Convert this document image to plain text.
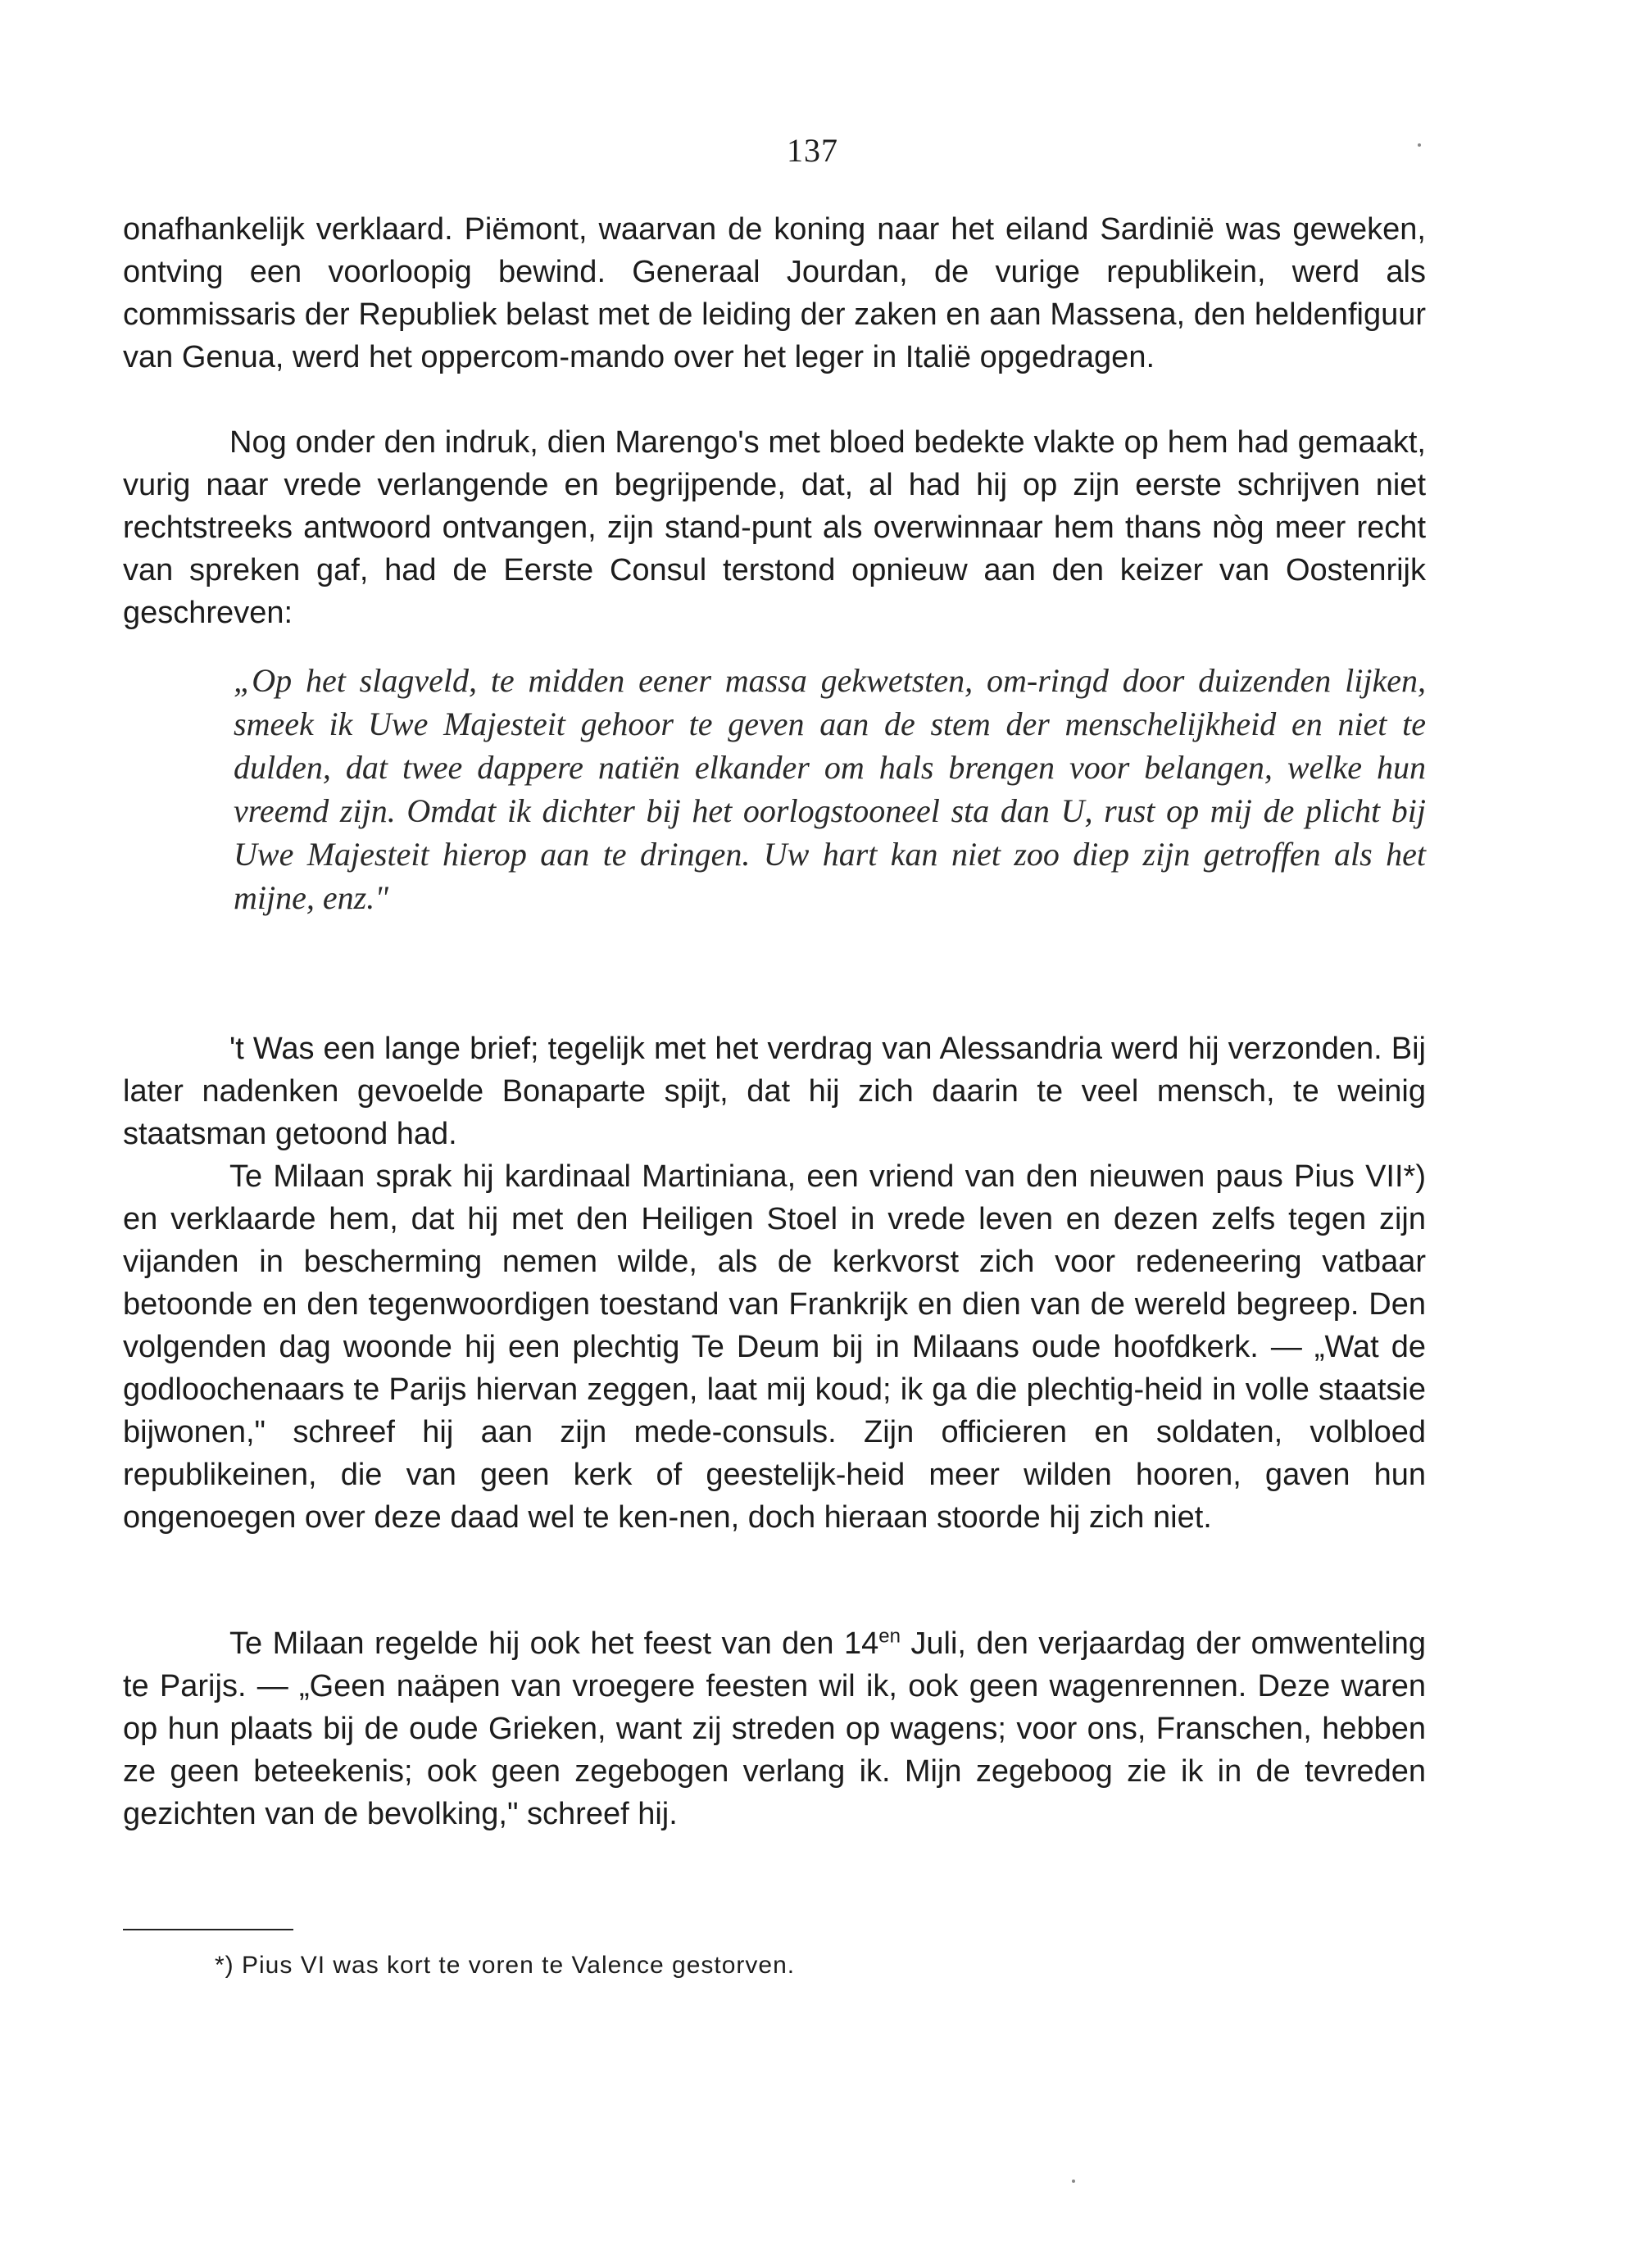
137

onafhankelijk verklaard. Piëmont, waarvan de koning naar het eiland Sardinië was geweken, ontving een voorloopig bewind. Generaal Jourdan, de vurige republikein, werd als commissaris der Republiek belast met de leiding der zaken en aan Massena, den heldenfiguur van Genua, werd het oppercom-mando over het leger in Italië opgedragen.

Nog onder den indruk, dien Marengo's met bloed bedekte vlakte op hem had gemaakt, vurig naar vrede verlangende en begrijpende, dat, al had hij op zijn eerste schrijven niet rechtstreeks antwoord ontvangen, zijn stand-punt als overwinnaar hem thans nòg meer recht van spreken gaf, had de Eerste Consul terstond opnieuw aan den keizer van Oostenrijk geschreven:

„Op het slagveld, te midden eener massa gekwetsten, om-ringd door duizenden lijken, smeek ik Uwe Majesteit gehoor te geven aan de stem der menschelijkheid en niet te dulden, dat twee dappere natiën elkander om hals brengen voor belangen, welke hun vreemd zijn. Omdat ik dichter bij het oorlogstooneel sta dan U, rust op mij de plicht bij Uwe Majesteit hierop aan te dringen. Uw hart kan niet zoo diep zijn getroffen als het mijne, enz."

't Was een lange brief; tegelijk met het verdrag van Alessandria werd hij verzonden. Bij later nadenken gevoelde Bonaparte spijt, dat hij zich daarin te veel mensch, te weinig staatsman getoond had.

Te Milaan sprak hij kardinaal Martiniana, een vriend van den nieuwen paus Pius VII*) en verklaarde hem, dat hij met den Heiligen Stoel in vrede leven en dezen zelfs tegen zijn vijanden in bescherming nemen wilde, als de kerkvorst zich voor redeneering vatbaar betoonde en den tegenwoordigen toestand van Frankrijk en dien van de wereld begreep. Den volgenden dag woonde hij een plechtig Te Deum bij in Milaans oude hoofdkerk. — „Wat de godloochenaars te Parijs hiervan zeggen, laat mij koud; ik ga die plechtig-heid in volle staatsie bijwonen," schreef hij aan zijn mede-consuls. Zijn officieren en soldaten, volbloed republikeinen, die van geen kerk of geestelijk-heid meer wilden hooren, gaven hun ongenoegen over deze daad wel te ken-nen, doch hieraan stoorde hij zich niet.

Te Milaan regelde hij ook het feest van den $14^{en}$ Juli, den verjaardag der omwenteling te Parijs. — „Geen naäpen van vroegere feesten wil ik, ook geen wagenrennen. Deze waren op hun plaats bij de oude Grieken, want zij streden op wagens; voor ons, Franschen, hebben ze geen beteekenis; ook geen zegebogen verlang ik. Mijn zegeboog zie ik in de tevreden gezichten van de bevolking," schreef hij.

*) Pius VI was kort te voren te Valence gestorven.
